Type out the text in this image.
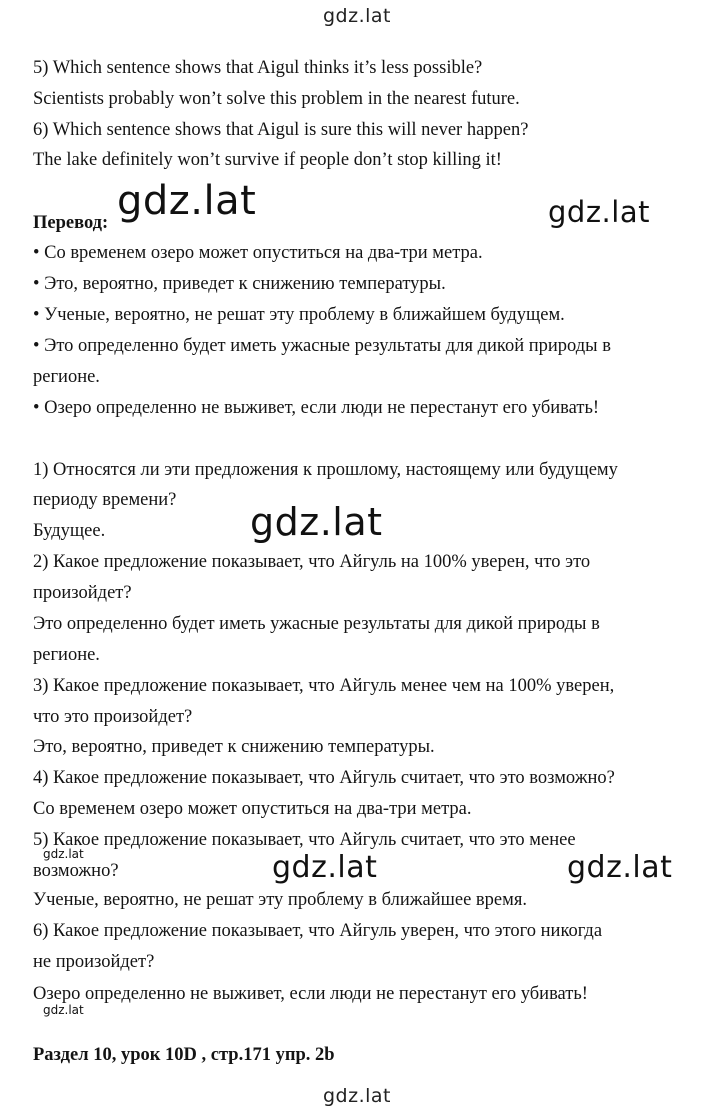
gdz.lat
5) Which sentence shows that Aigul thinks it’s less possible?
Scientists probably won’t solve this problem in the nearest future.
6) Which sentence shows that Aigul is sure this will never happen?
The lake definitely won’t survive if people don’t stop killing it!
Перевод: gdz.lat	gdz.lat
• Со временем озеро может опуститься на два-три метра.
• Это, вероятно, приведет к снижению температуры.
• Ученые, вероятно, не решат эту проблему в ближайшем будущем.
• Это определенно будет иметь ужасные результаты для дикой природы в
регионе.
• Озеро определенно не выживет, если люди не перестанут его убивать!
1) Относятся ли эти предложения к прошлому, настоящему или будущему
периоду времени?
Будущее.	gdz.lat
2) Какое предложение показывает, что Айгуль на 100% уверен, что это
произойдет?
Это определенно будет иметь ужасные результаты для дикой природы в
регионе.
3) Какое предложение показывает, что Айгуль менее чем на 100% уверен,
что это произойдет?
Это, вероятно, приведет к снижению температуры.
4) Какое предложение показывает, что Айгуль считает, что это возможно?
Со временем озеро может опуститься на два-три метра.
5) Какое предложение показывает, что Айгуль считает, что это менее
gdz.lat	gdz.lat	gdz.lat
возможно?
Ученые, вероятно, не решат эту проблему в ближайшее время.
6) Какое предложение показывает, что Айгуль уверен, что этого никогда
не произойдет?
Озеро определенно не выживет, если люди не перестанут его убивать!
gdz.lat
Раздел 10, урок 10D , стр.171 упр. 2b
gdz.lat
